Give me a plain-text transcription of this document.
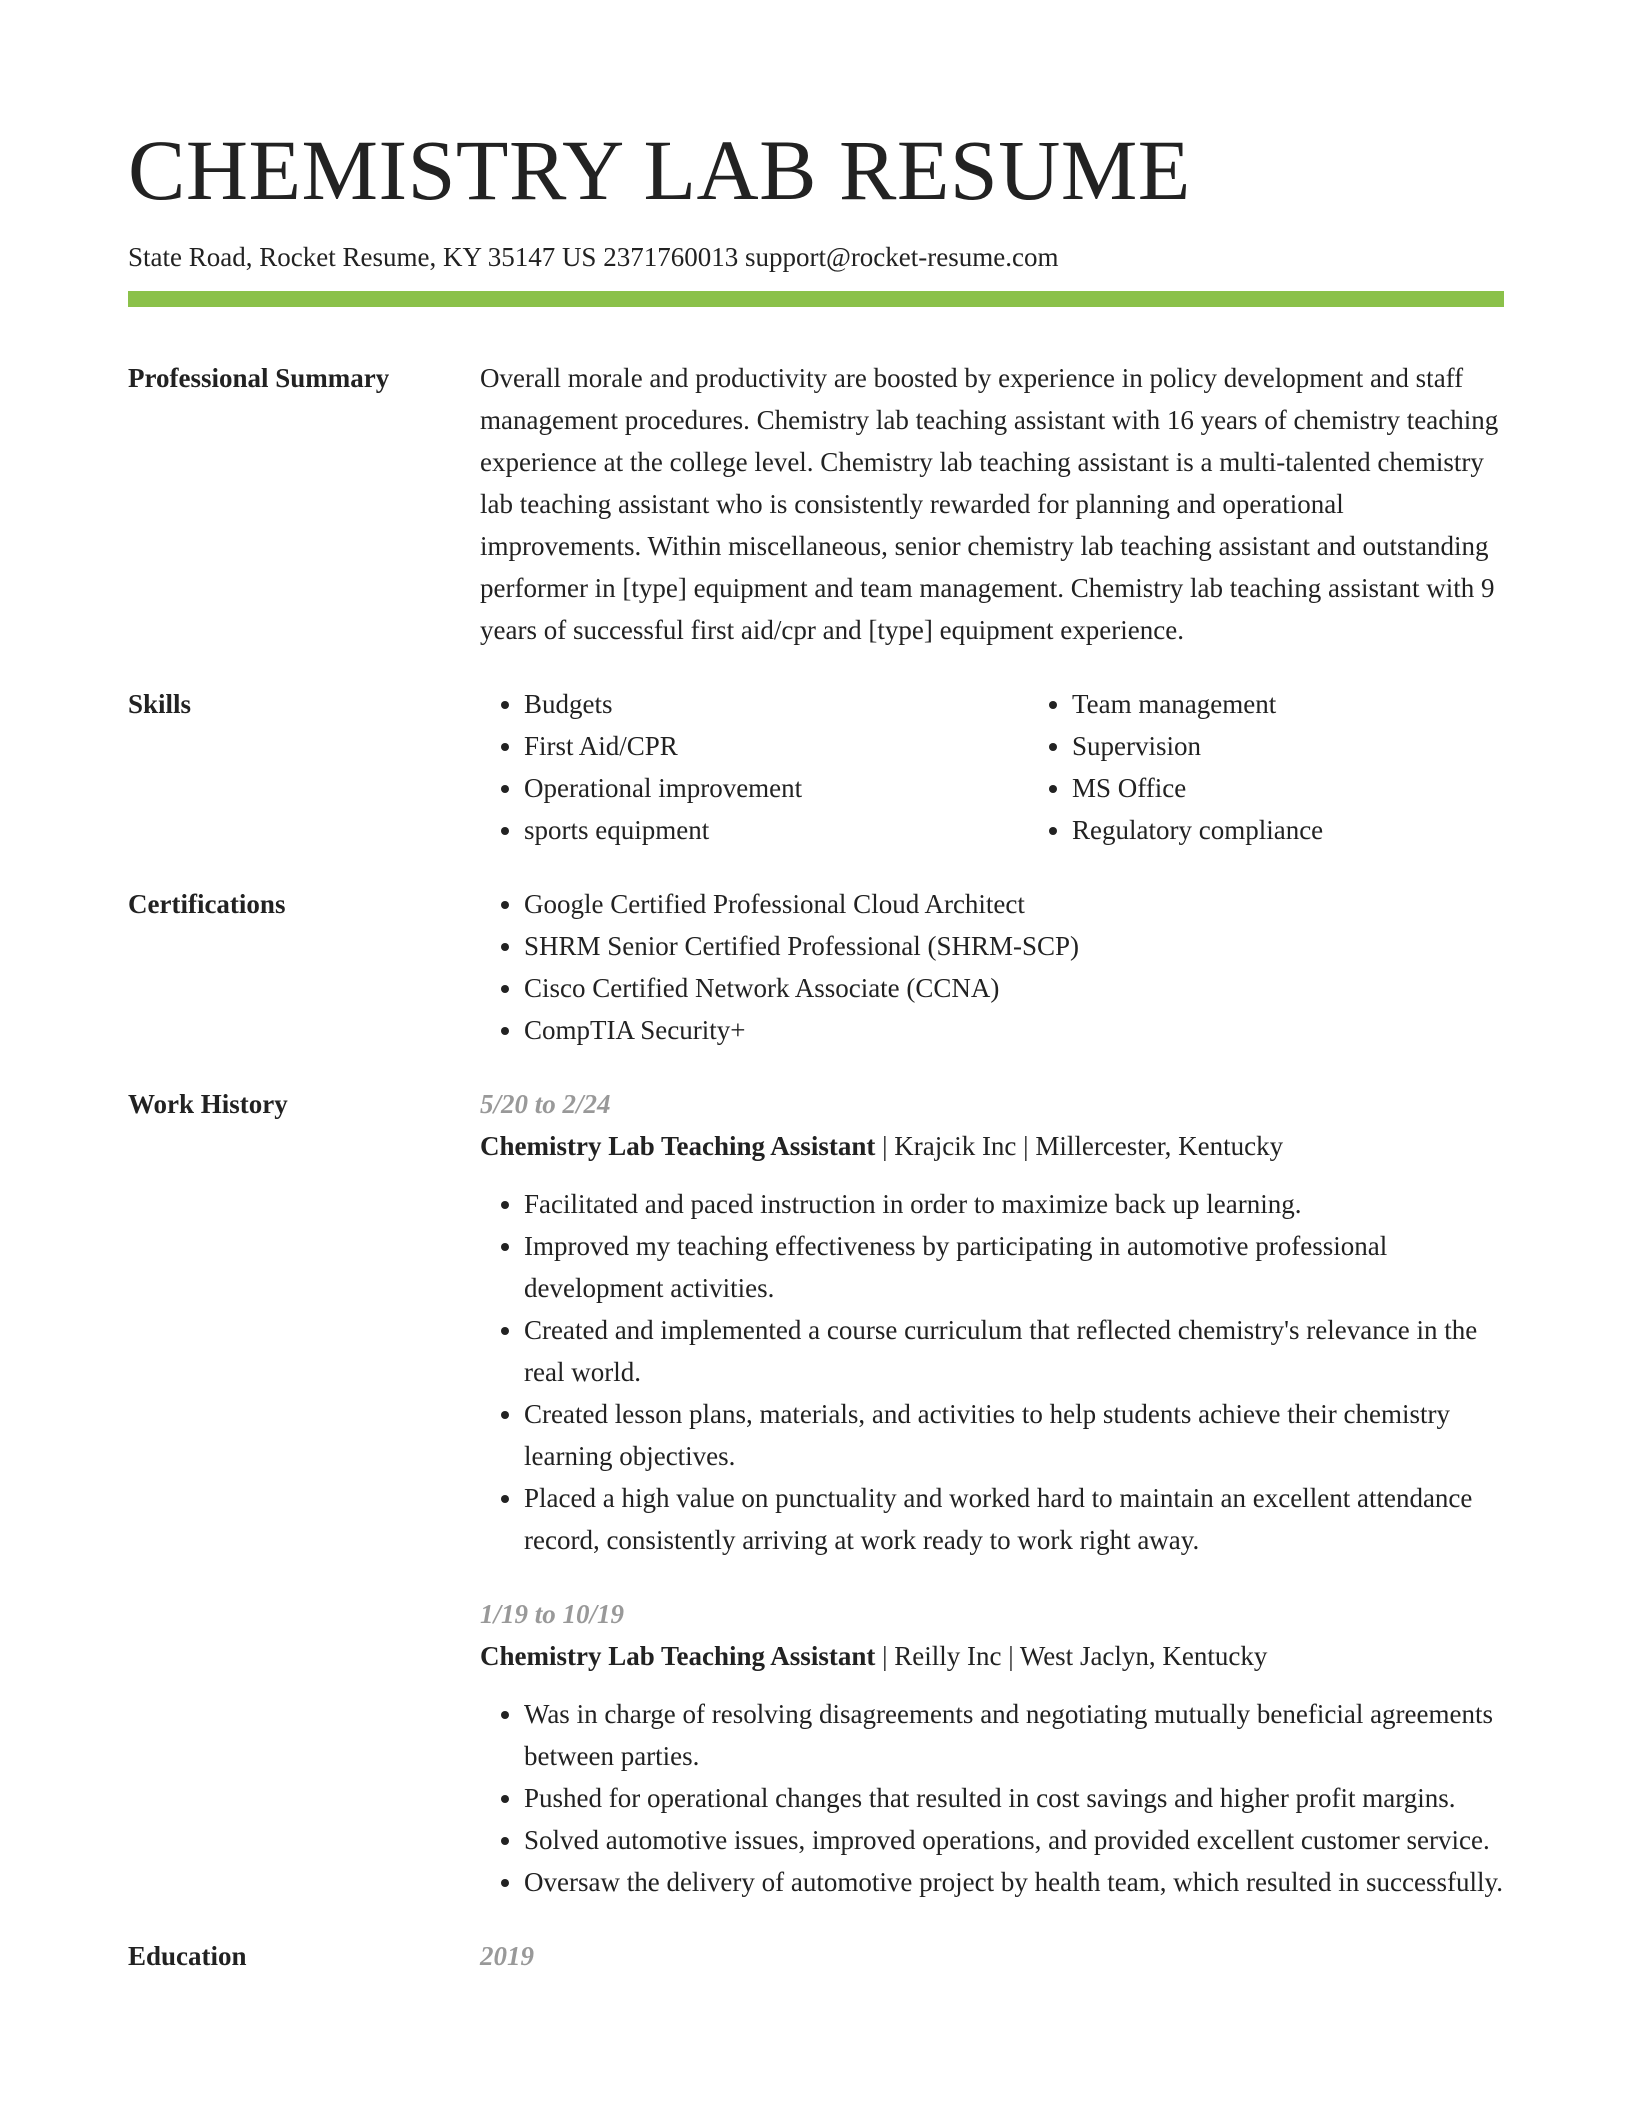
CHEMISTRY LAB RESUME
State Road, Rocket Resume, KY 35147 US 2371760013 support@rocket-resume.com
Professional Summary	Overall morale and productivity are boosted by experience in policy development and staff management procedures. Chemistry lab teaching assistant with 16 years of chemistry teaching experience at the college level. Chemistry lab teaching assistant is a multi-talented chemistry lab teaching assistant who is consistently rewarded for planning and operational improvements. Within miscellaneous, senior chemistry lab teaching assistant and outstanding performer in [type] equipment and team management. Chemistry lab teaching assistant with 9 years of successful first aid/cpr and [type] equipment experience.

Skills	• Budgets
• First Aid/CPR
• Operational improvement
• sports equipment
• Team management
• Supervision
• MS Office
• Regulatory compliance
Certifications	• Google Certified Professional Cloud Architect
• SHRM Senior Certified Professional (SHRM-SCP)
• Cisco Certified Network Associate (CCNA)
• CompTIA Security+
Work History	5/20 to 2/24
Chemistry Lab Teaching Assistant | Krajcik Inc | Millercester, Kentucky
• Facilitated and paced instruction in order to maximize back up learning.
• Improved my teaching effectiveness by participating in automotive professional development activities.
• Created and implemented a course curriculum that reflected chemistry's relevance in the real world.
• Created lesson plans, materials, and activities to help students achieve their chemistry learning objectives.
• Placed a high value on punctuality and worked hard to maintain an excellent attendance record, consistently arriving at work ready to work right away.
1/19 to 10/19
Chemistry Lab Teaching Assistant | Reilly Inc | West Jaclyn, Kentucky
• Was in charge of resolving disagreements and negotiating mutually beneficial agreements between parties.
• Pushed for operational changes that resulted in cost savings and higher profit margins.
• Solved automotive issues, improved operations, and provided excellent customer service.
• Oversaw the delivery of automotive project by health team, which resulted in successfully.
Education	2019
